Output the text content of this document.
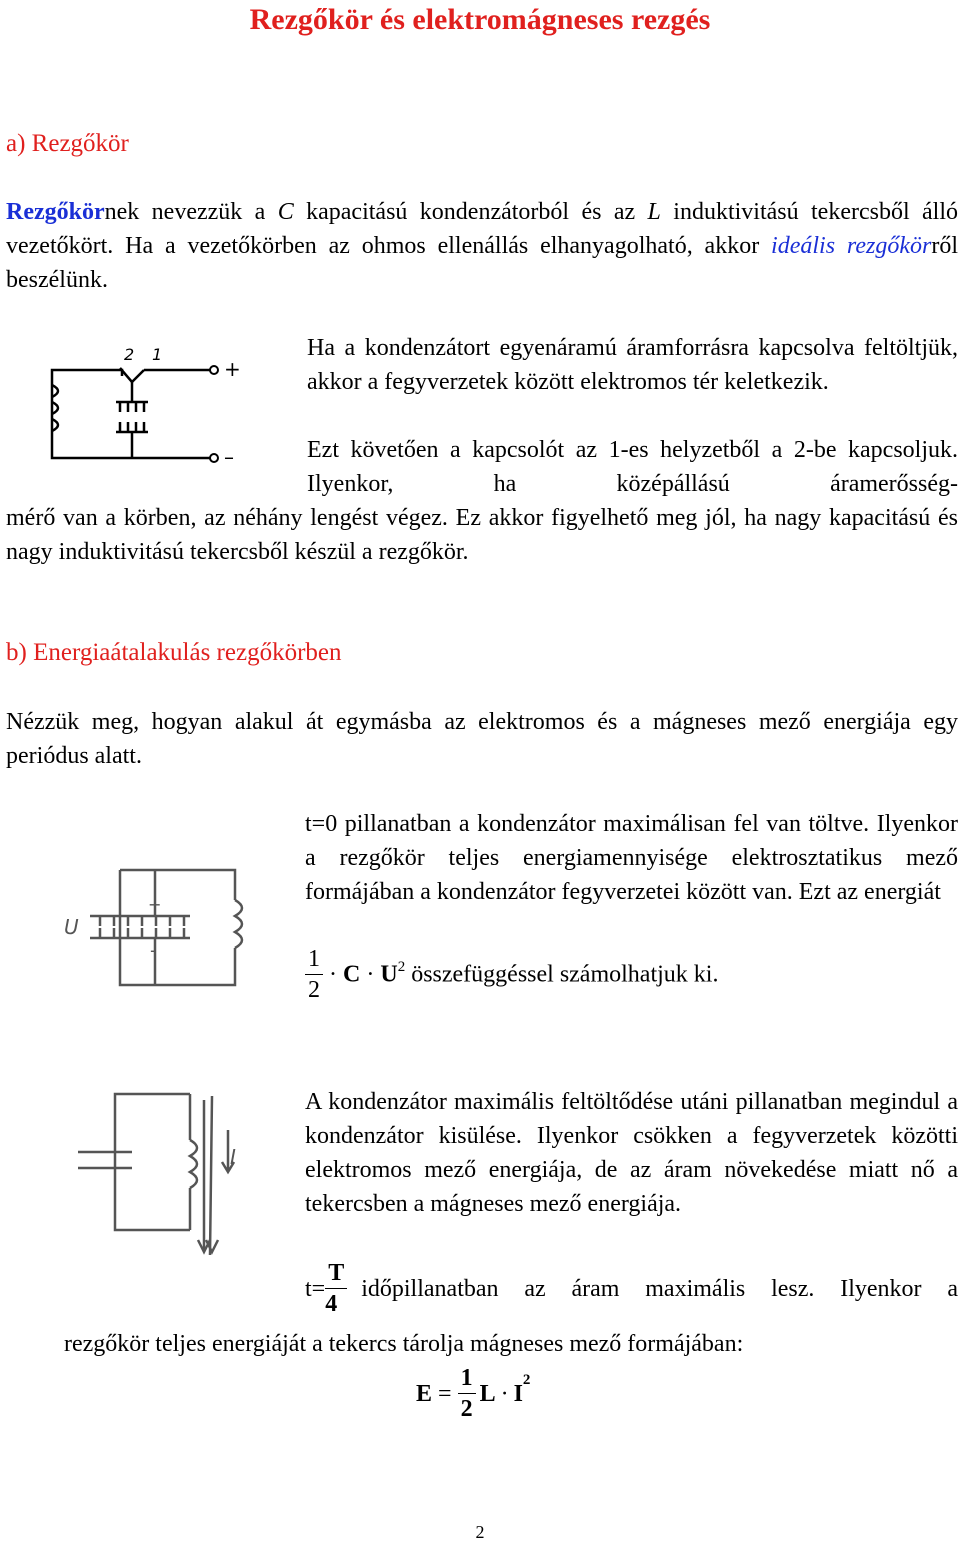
Rezgőkör és elektromágneses rezgés
a) Rezgőkör
Rezgőkörnek nevezzük a C kapacitású kondenzátorból és az L induktivitású tekercsből álló vezetőkört. Ha a vezetőkörben az ohmos ellenállás elhanyagolható, akkor ideális rezgőkörről beszélünk.
2 1
+
–
Ha a kondenzátort egyenáramú áramforrásra kapcsolva feltöltjük, akkor a fegyverzetek között elektromos tér keletkezik.
Ezt követően a kapcsolót az 1-es helyzetből a 2-be kapcsoljuk. Ilyenkor, ha középállású áramerősség-
mérő van a körben, az néhány lengést végez. Ez akkor figyelhető meg jól, ha nagy kapacitású és nagy induktivitású tekercsből készül a rezgőkör.
b) Energiaátalakulás rezgőkörben
Nézzük meg, hogyan alakul át egymásba az elektromos és a mágneses mező energiája egy periódus alatt.
U
+
-
t=0 pillanatban a kondenzátor maximálisan fel van töltve. Ilyenkor a rezgőkör teljes energiamennyisége elektrosztatikus mező formájában a kondenzátor fegyverzetei között van. Ezt az energiát
$\frac{1}{2} \cdot C \cdot U^2$ összefüggéssel számolhatjuk ki.
I
A kondenzátor maximális feltöltődése utáni pillanatban megindul a kondenzátor kisülése. Ilyenkor csökken a fegyverzetek közötti elektromos mező energiája, de az áram növekedése miatt nő a tekercsben a mágneses mező energiája.
$t= \frac{T}{4}$ időpillanatban az áram maximális lesz. Ilyenkor a
rezgőkör teljes energiáját a tekercs tárolja mágneses mező formájában:
$E = \frac{1}{2}$ L · I
$^2$
2
